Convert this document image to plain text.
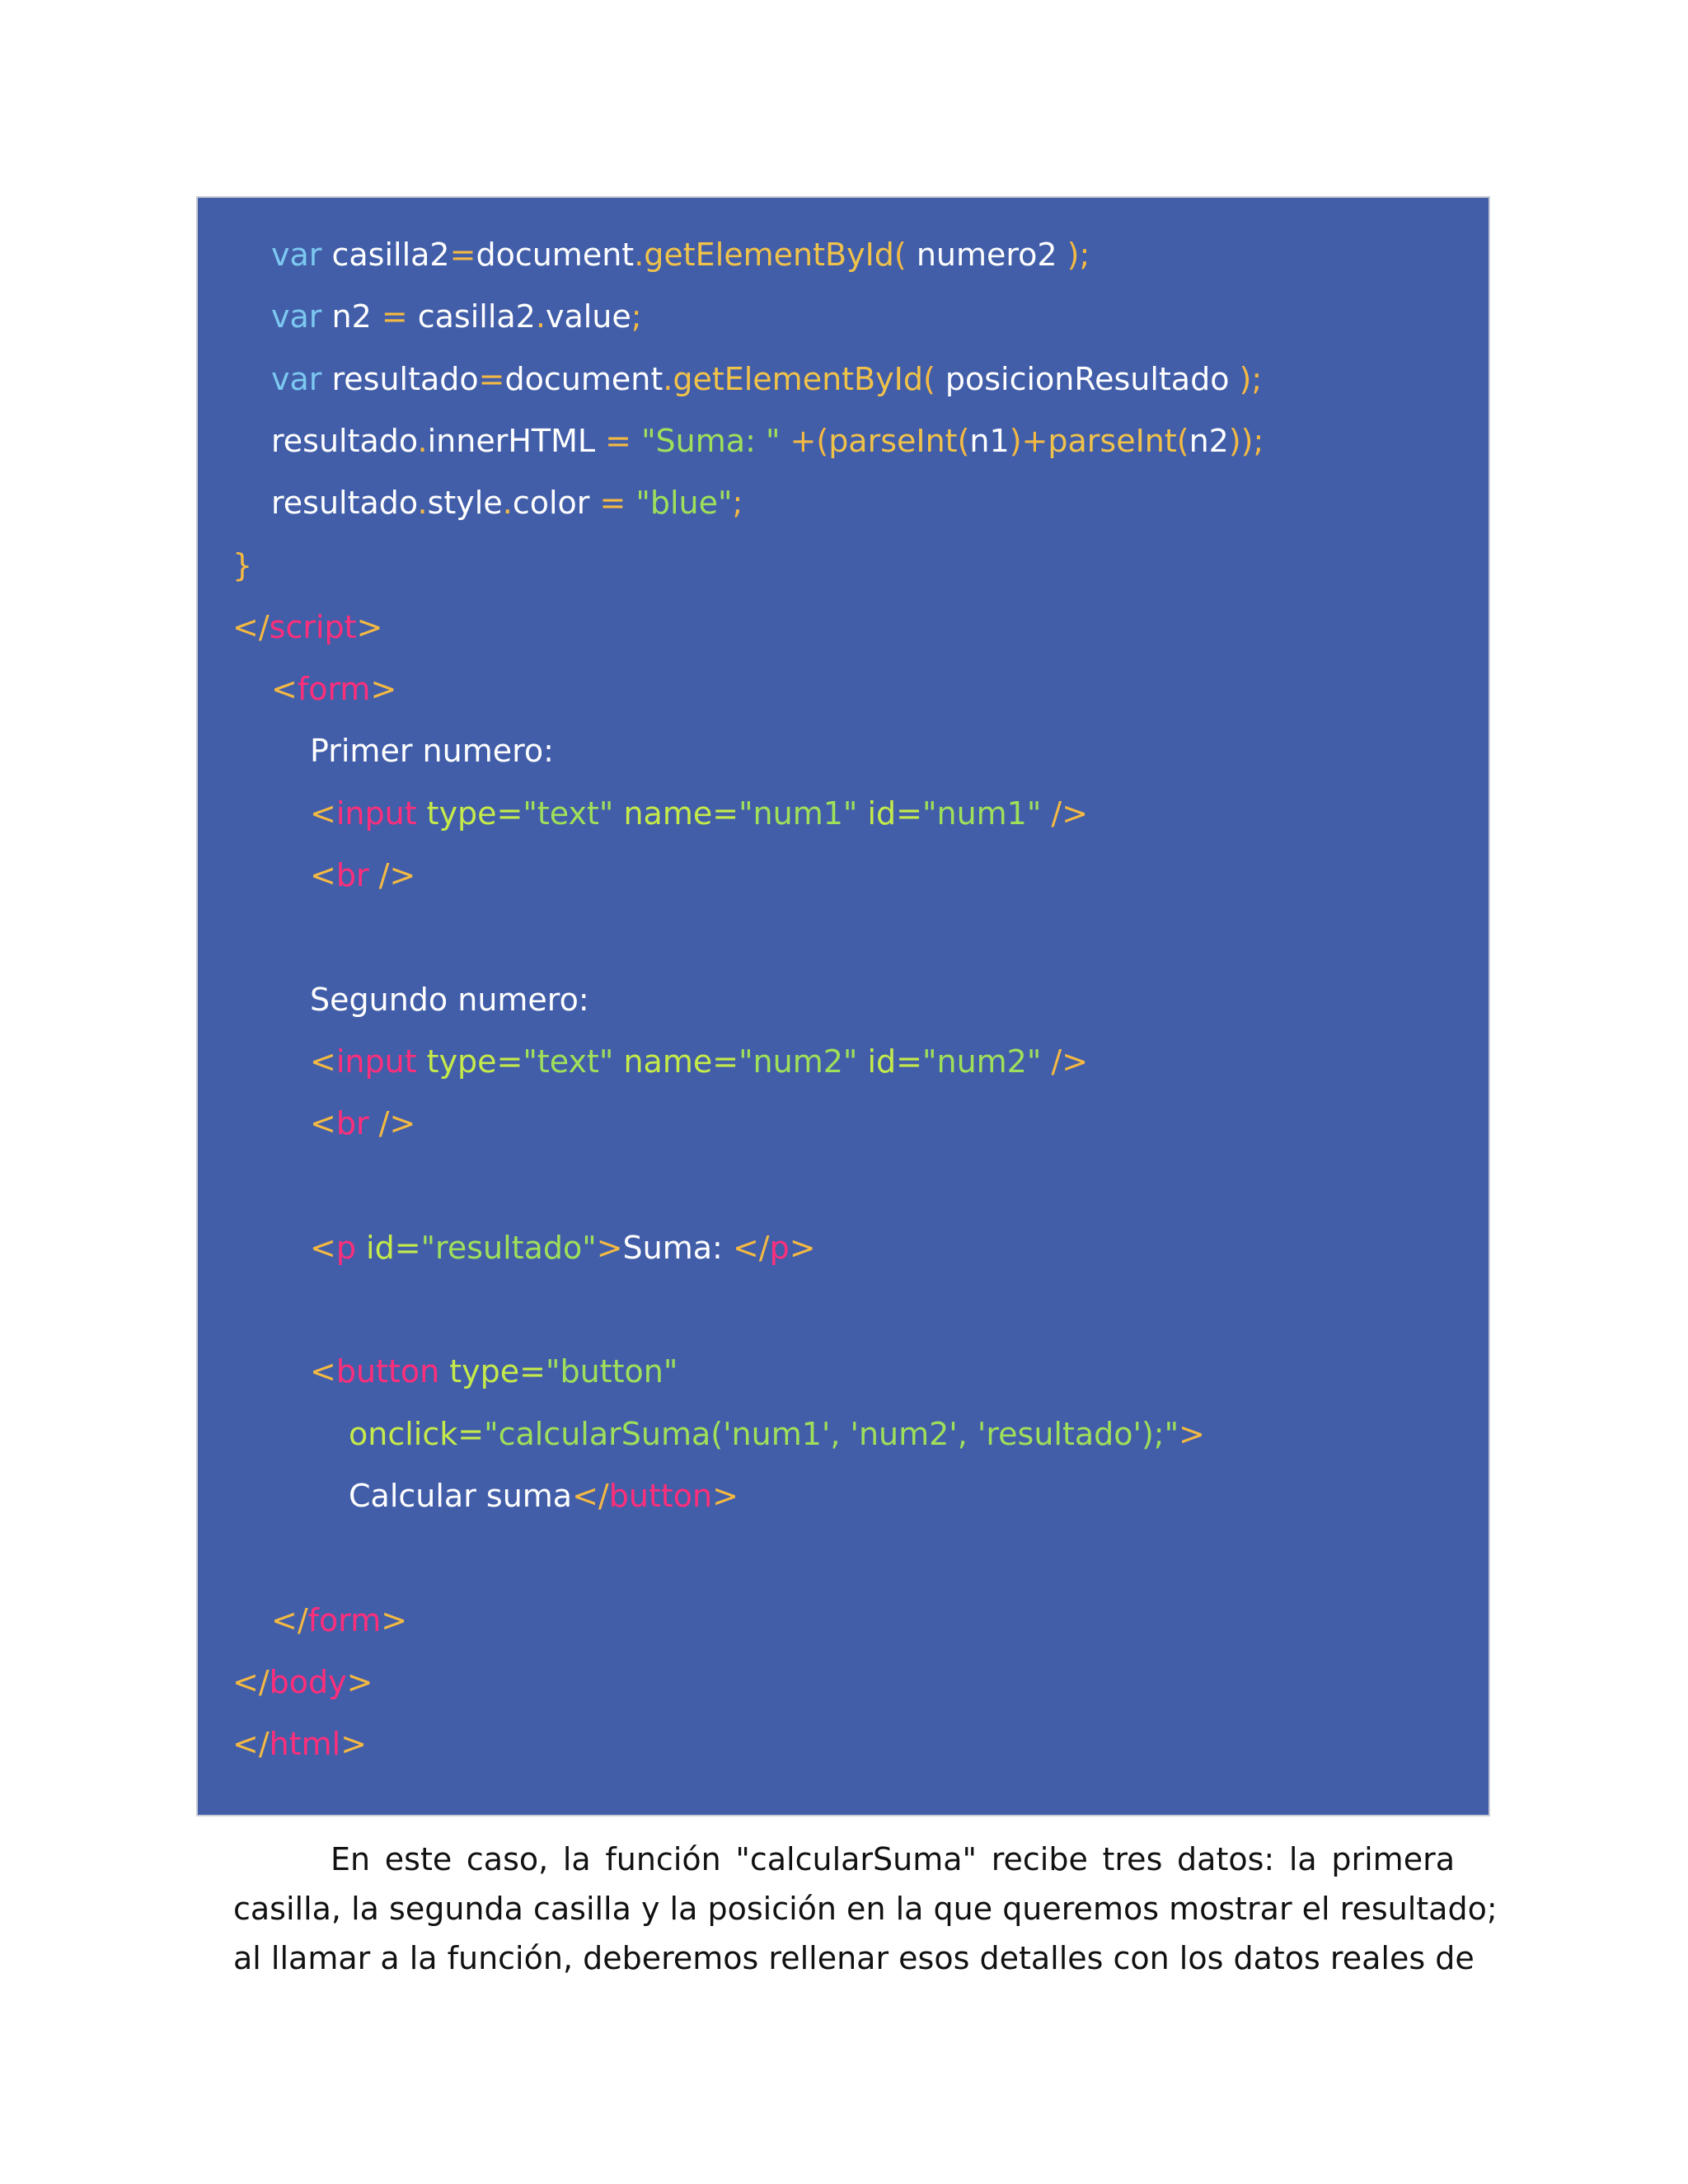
var casilla2=document.getElementById( numero2 );
var n2 = casilla2.value;
var resultado=document.getElementById( posicionResultado );
resultado.innerHTML = "Suma: " +(parseInt(n1)+parseInt(n2));
resultado.style.color = "blue";
}
</script>
<form>
Primer numero:
<input type="text" name="num1" id="num1" />
<br />
Segundo numero:
<input type="text" name="num2" id="num2" />
<br />
<p id="resultado">Suma: </p>
<button type="button"
onclick="calcularSuma('num1', 'num2', 'resultado');">
Calcular suma</button>
</form>
</body>
</html>
En este caso, la función "calcularSuma" recibe tres datos: la primera
casilla, la segunda casilla y la posición en la que queremos mostrar el resultado;
al llamar a la función, deberemos rellenar esos detalles con los datos reales de
